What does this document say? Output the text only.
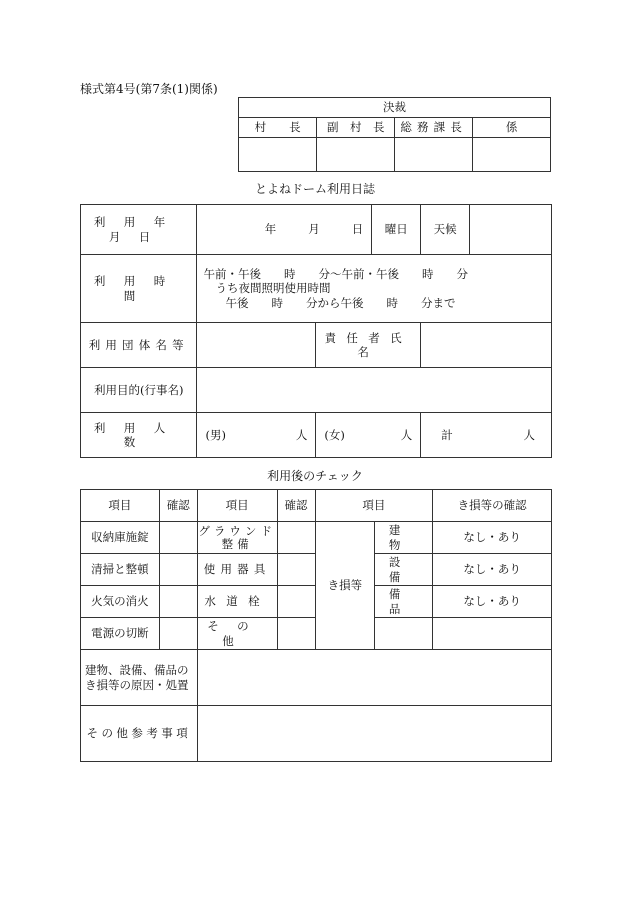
様式第4号(第7条(1)関係)
決裁			
村　　長	副　村　長	総務課長	係

とよねドーム利用日誌
利用年月日	年 月 日		曜日	天候	
利用時間	午前・午後　　時　　分〜午前・午後　　時　　分
うち夜間照明使用時間
午後　　時　　分から午後　　時　　分まで				

利用団体名等		責任者氏名			
利用目的(行事名)					
利用人数	(男) 人	(女) 人		計 人	
利用後のチェック
項目	確認	項目	確認	項目		き損等の確認
収納庫施錠		グラウンド整備		き損等	建物	なし・あり
清掃と整頓		使用器具			設備	なし・あり
火気の消火		水道栓			備品	なし・あり
電源の切断		その他				
建物、設備、備品のき損等の原因・処置						
その他参考事項						
